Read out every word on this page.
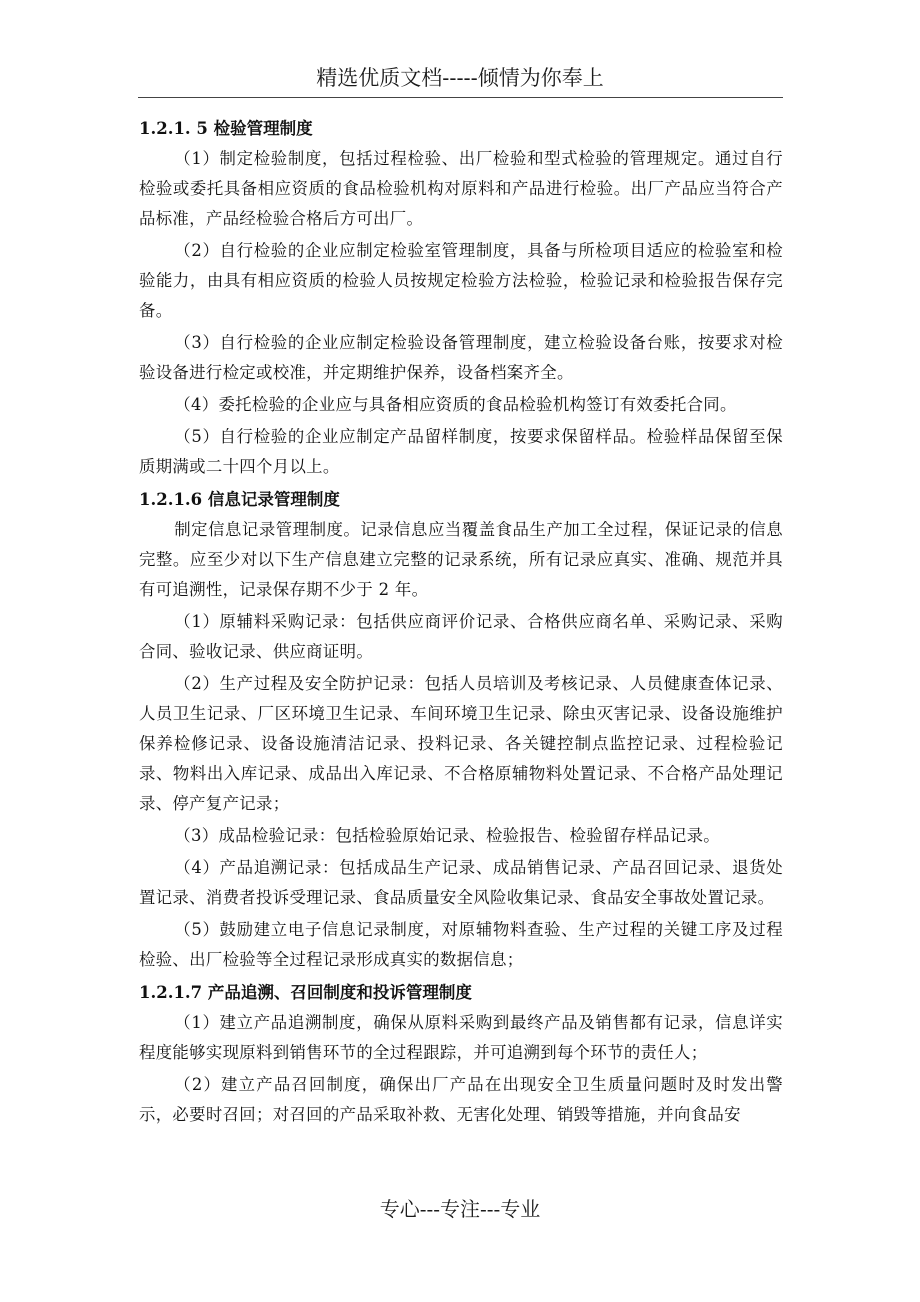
精选优质文档-----倾情为你奉上

1.2.1. 5 检验管理制度

（1）制定检验制度，包括过程检验、出厂检验和型式检验的管理规定。通过自行检验或委托具备相应资质的食品检验机构对原料和产品进行检验。出厂产品应当符合产品标准，产品经检验合格后方可出厂。

（2）自行检验的企业应制定检验室管理制度，具备与所检项目适应的检验室和检验能力，由具有相应资质的检验人员按规定检验方法检验，检验记录和检验报告保存完备。

（3）自行检验的企业应制定检验设备管理制度，建立检验设备台账，按要求对检验设备进行检定或校准，并定期维护保养，设备档案齐全。

（4）委托检验的企业应与具备相应资质的食品检验机构签订有效委托合同。

（5）自行检验的企业应制定产品留样制度，按要求保留样品。检验样品保留至保质期满或二十四个月以上。

1.2.1.6 信息记录管理制度

制定信息记录管理制度。记录信息应当覆盖食品生产加工全过程，保证记录的信息完整。应至少对以下生产信息建立完整的记录系统，所有记录应真实、准确、规范并具有可追溯性，记录保存期不少于 2 年。

（1）原辅料采购记录：包括供应商评价记录、合格供应商名单、采购记录、采购合同、验收记录、供应商证明。

（2）生产过程及安全防护记录：包括人员培训及考核记录、人员健康查体记录、人员卫生记录、厂区环境卫生记录、车间环境卫生记录、除虫灭害记录、设备设施维护保养检修记录、设备设施清洁记录、投料记录、各关键控制点监控记录、过程检验记录、物料出入库记录、成品出入库记录、不合格原辅物料处置记录、不合格产品处理记录、停产复产记录；

（3）成品检验记录：包括检验原始记录、检验报告、检验留存样品记录。

（4）产品追溯记录：包括成品生产记录、成品销售记录、产品召回记录、退货处置记录、消费者投诉受理记录、食品质量安全风险收集记录、食品安全事故处置记录。

（5）鼓励建立电子信息记录制度，对原辅物料查验、生产过程的关键工序及过程检验、出厂检验等全过程记录形成真实的数据信息；

1.2.1.7 产品追溯、召回制度和投诉管理制度

（1）建立产品追溯制度，确保从原料采购到最终产品及销售都有记录，信息详实程度能够实现原料到销售环节的全过程跟踪，并可追溯到每个环节的责任人；

（2）建立产品召回制度，确保出厂产品在出现安全卫生质量问题时及时发出警示，必要时召回；对召回的产品采取补救、无害化处理、销毁等措施，并向食品安

专心---专注---专业
